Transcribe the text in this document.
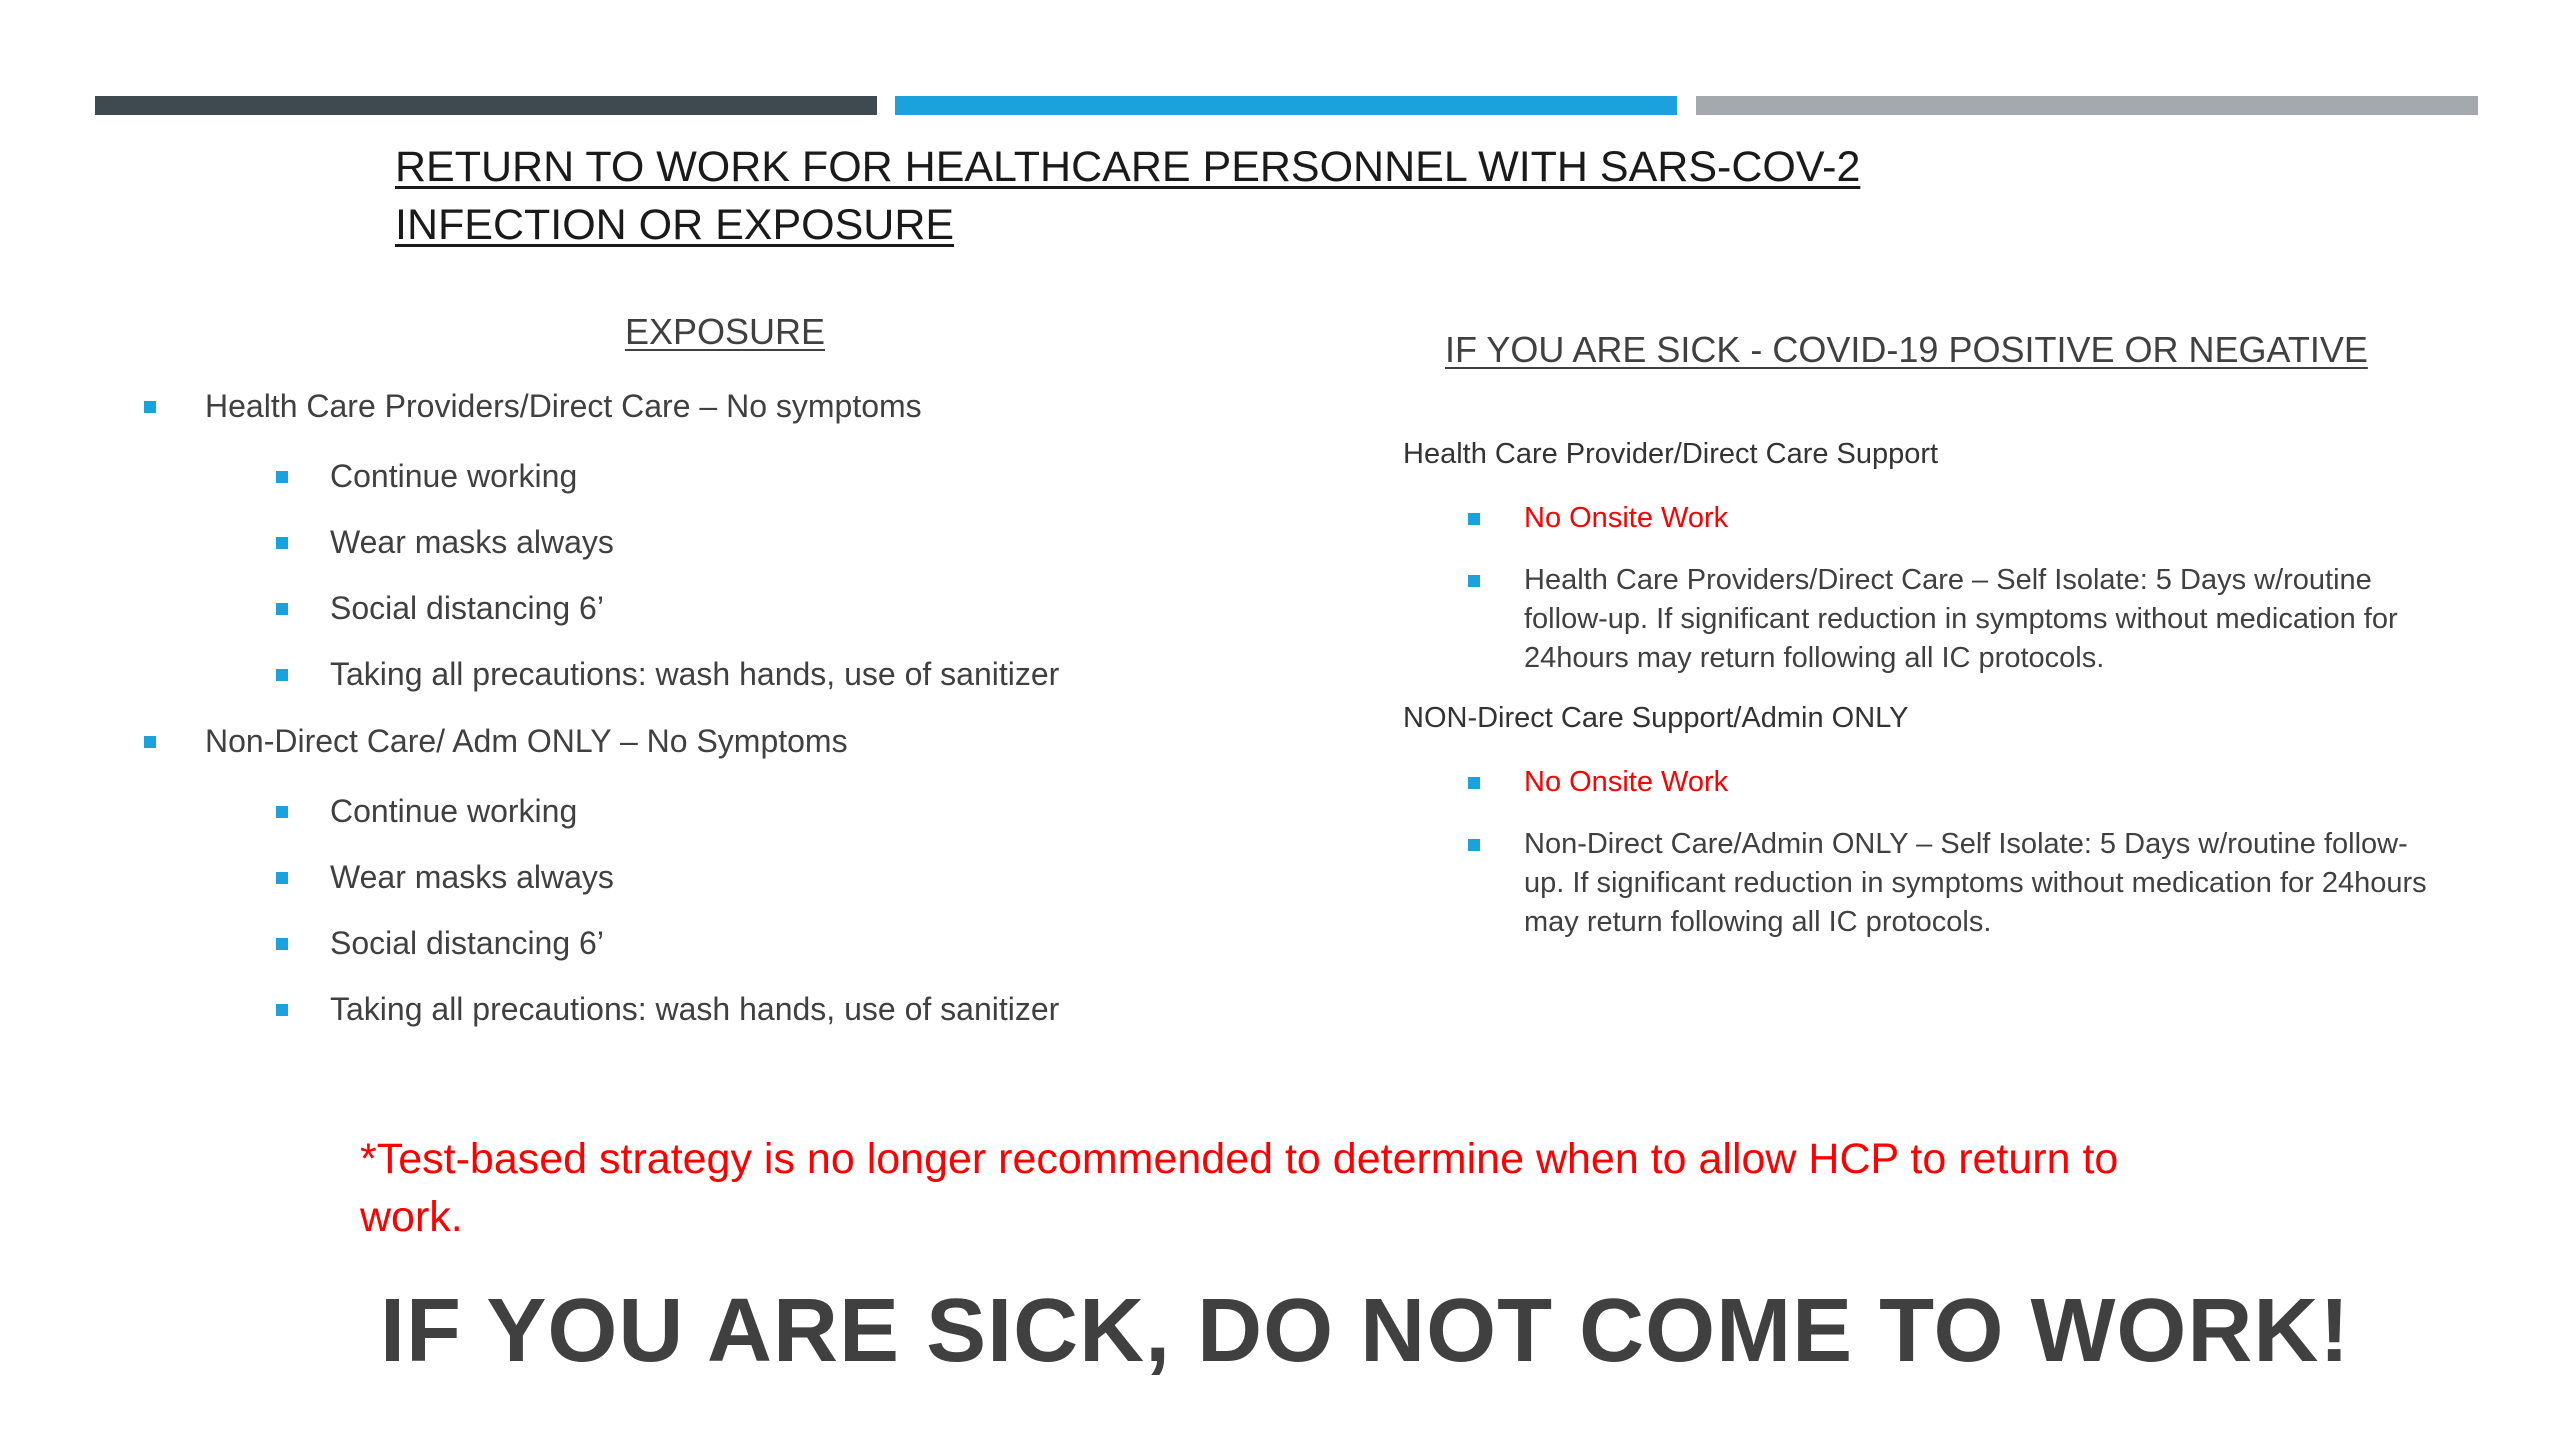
RETURN TO WORK FOR HEALTHCARE PERSONNEL WITH SARS-COV-2 INFECTION OR EXPOSURE
EXPOSURE
Health Care Providers/Direct Care – No symptoms
Continue working
Wear masks always
Social distancing 6’
Taking all precautions: wash hands, use of sanitizer
Non-Direct Care/ Adm ONLY – No Symptoms
Continue working
Wear masks always
Social distancing 6’
Taking all precautions: wash hands, use of sanitizer
IF YOU ARE SICK - COVID-19 POSITIVE OR NEGATIVE
Health Care Provider/Direct Care Support
No Onsite Work
Health Care Providers/Direct Care – Self Isolate: 5 Days w/routine follow-up. If significant reduction in symptoms without medication for 24hours may return following all IC protocols.
NON-Direct Care Support/Admin ONLY
No Onsite Work
Non-Direct Care/Admin ONLY – Self Isolate: 5 Days w/routine follow-up. If significant reduction in symptoms without medication for 24hours may return following all IC protocols.
*Test-based strategy is no longer recommended to determine when to allow HCP to return to work.
IF YOU ARE SICK, DO NOT COME TO WORK!
